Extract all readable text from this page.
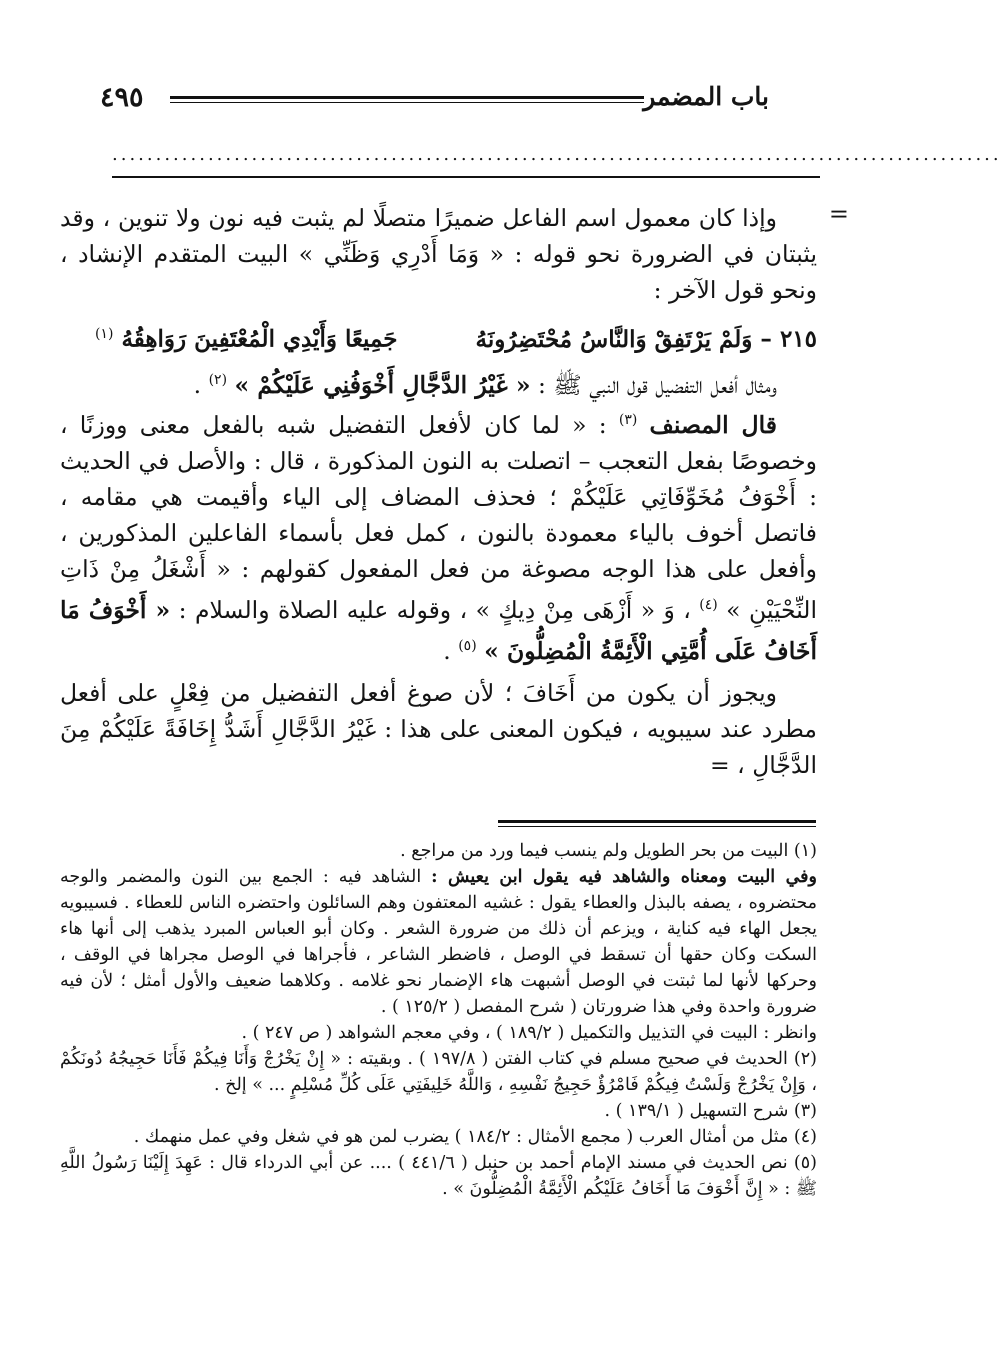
باب المضمر
٤٩٥
......................................................................................................
=

وإذا كان معمول اسم الفاعل ضميرًا متصلًا لم يثبت فيه نون ولا تنوين ، وقد يثبتان في الضرورة نحو قوله : « وَمَا أَدْرِي وَظَنِّي » البيت المتقدم الإنشاد ، ونحو قول الآخر :

٢١٥ – وَلَمْ يَرْتَفِقْ وَالنَّاسُ مُحْتَضِرُونَهُ جَمِيعًا وَأَيْدِي الْمُعْتَفِينَ رَوَاهِقُهُ $^{(١)}$

ومثال أفعل التفضيل قول النبي ﷺ : « غَيْرُ الدَّجَّالِ أَخْوَفُنِي عَلَيْكُمْ » $^{(٢)}$ .

قال المصنف $^{(٣)}$ : « لما كان لأفعل التفضيل شبه بالفعل معنى ووزنًا ، وخصوصًا بفعل التعجب – اتصلت به النون المذكورة ، قال : والأصل في الحديث : أَخْوَفُ مُخَوِّفَاتِي عَلَيْكُمْ ؛ فحذف المضاف إلى الياء وأقيمت هي مقامه ، فاتصل أخوف بالياء معمودة بالنون ، كمل فعل بأسماء الفاعلين المذكورين ، وأفعل على هذا الوجه مصوغة من فعل المفعول كقولهم : « أَشْغَلُ مِنْ ذَاتِ النِّحْيَيْنِ » $^{(٤)}$ ، وَ « أَزْهَى مِنْ دِيكٍ » ، وقوله عليه الصلاة والسلام : « أَخْوَفُ مَا أَخَافُ عَلَى أُمَّتِي الْأَئِمَّةُ الْمُضِلُّونَ » $^{(٥)}$ .

ويجوز أن يكون من أَخَافَ ؛ لأن صوغ أفعل التفضيل من فِعْلٍ على أفعل مطرد عند سيبويه ، فيكون المعنى على هذا : غَيْرُ الدَّجَّالِ أَشَدُّ إِخَافَةً عَلَيْكُمْ مِنَ الدَّجَّالِ ، =

(١) البيت من بحر الطويل ولم ينسب فيما ورد من مراجع .

وفي البيت ومعناه والشاهد فيه يقول ابن يعيش : الشاهد فيه : الجمع بين النون والمضمر والوجه محتضروه ، يصفه بالبذل والعطاء يقول : غشيه المعتفون وهم السائلون واحتضره الناس للعطاء . فسيبويه يجعل الهاء فيه كناية ، ويزعم أن ذلك من ضرورة الشعر . وكان أبو العباس المبرد يذهب إلى أنها هاء السكت وكان حقها أن تسقط في الوصل ، فاضطر الشاعر ، فأجراها في الوصل مجراها في الوقف ، وحركها لأنها لما ثبتت في الوصل أشبهت هاء الإضمار نحو غلامه . وكلاهما ضعيف والأول أمثل ؛ لأن فيه ضرورة واحدة وفي هذا ضرورتان ( شرح المفصل ( ١٢٥/٢ ) .

وانظر : البيت في التذييل والتكميل ( ١٨٩/٢ ) ، وفي معجم الشواهد ( ص ٢٤٧ ) .

(٢) الحديث في صحيح مسلم في كتاب الفتن ( ١٩٧/٨ ) . وبقيته : « إِنْ يَخْرُجْ وَأَنَا فِيكُمْ فَأَنَا حَجِيجُهُ دُونَكُمْ ، وَإِنْ يَخْرُجْ وَلَسْتُ فِيكُمْ فَامْرُؤٌ حَجِيجُ نَفْسِهِ ، وَاللَّهُ خَلِيفَتِي عَلَى كُلِّ مُسْلِمٍ ... » إلخ .

(٣) شرح التسهيل ( ١٣٩/١ ) .

(٤) مثل من أمثال العرب ( مجمع الأمثال : ١٨٤/٢ ) يضرب لمن هو في شغل وفي عمل منهمك .

(٥) نص الحديث في مسند الإمام أحمد بن حنبل ( ٤٤١/٦ ) .... عن أبي الدرداء قال : عَهِدَ إِلَيْنَا رَسُولُ اللَّهِ ﷺ : « إِنَّ أَخْوَفَ مَا أَخَافُ عَلَيْكُم الْأَئِمَّةُ الْمُضِلُّونَ » .
